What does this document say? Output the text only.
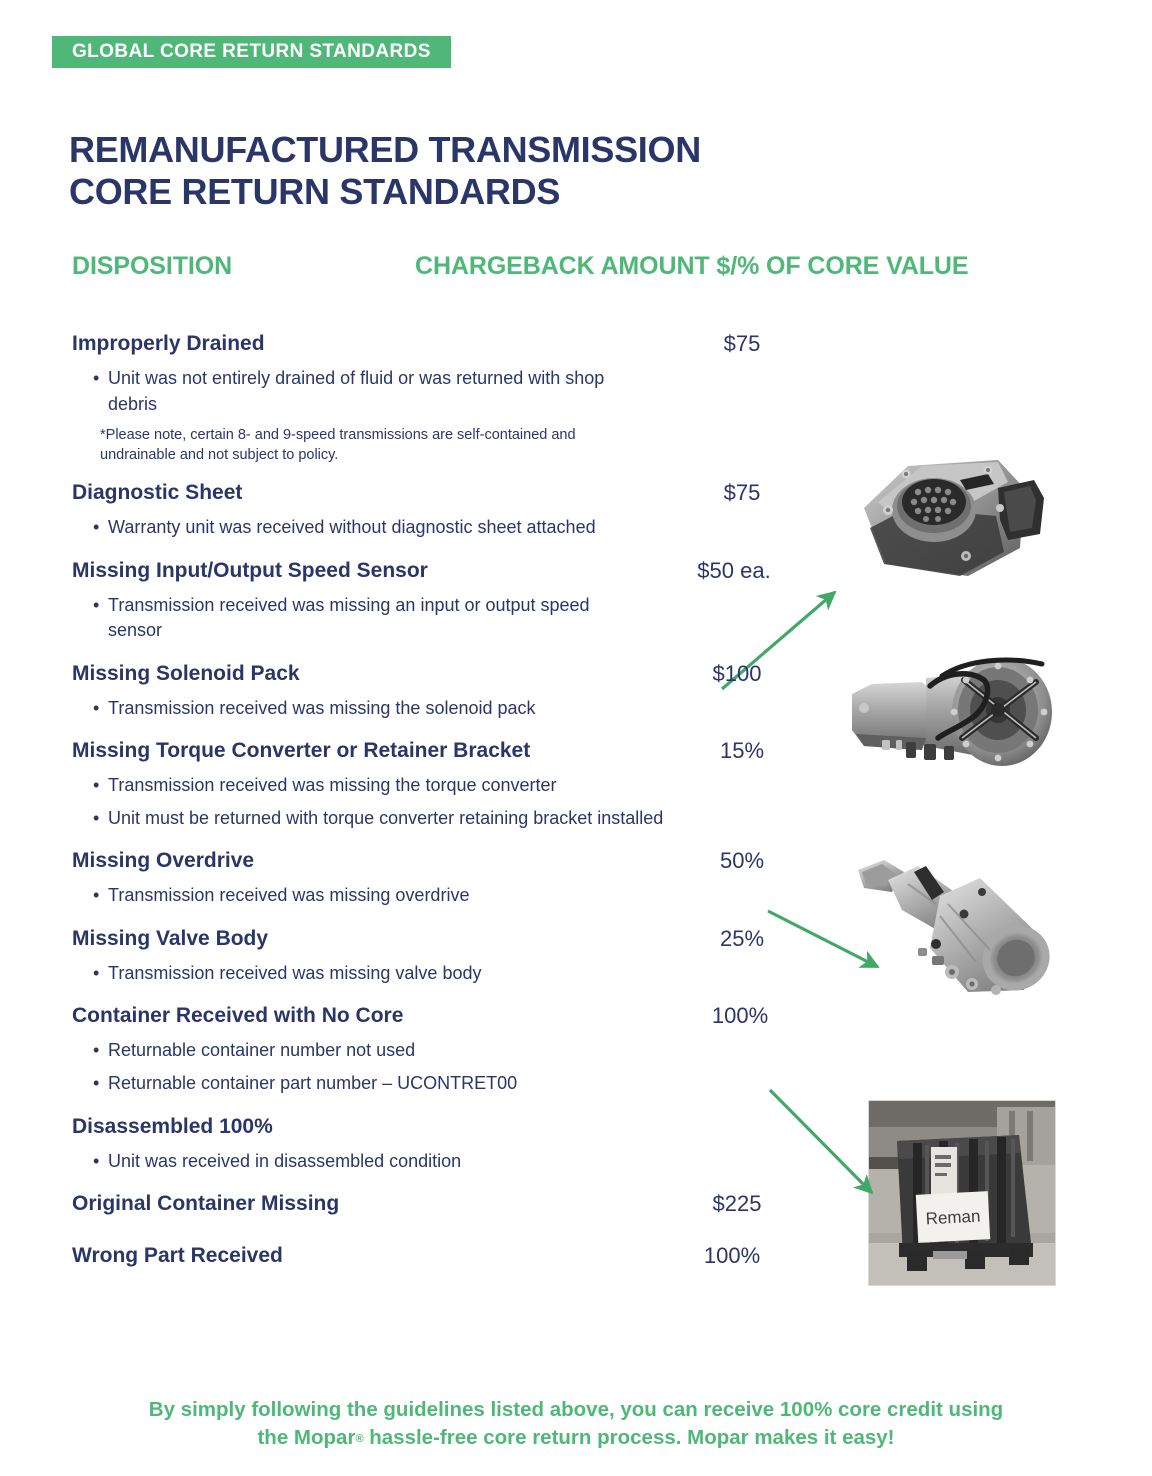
GLOBAL CORE RETURN STANDARDS
REMANUFACTURED TRANSMISSION
CORE RETURN STANDARDS
DISPOSITION	CHARGEBACK AMOUNT $/% OF CORE VALUE
Reman
Improperly Drained	$75
• Unit was not entirely drained of fluid or was returned with shop debris

*Please note, certain 8- and 9-speed transmissions are self-contained and undrainable and not subject to policy.

Diagnostic Sheet	$75
• Warranty unit was received without diagnostic sheet attached
Missing Input/Output Speed Sensor	$50 ea.
• Transmission received was missing an input or output speed sensor
Missing Solenoid Pack	$100
• Transmission received was missing the solenoid pack
Missing Torque Converter or Retainer Bracket	15%
• Transmission received was missing the torque converter
• Unit must be returned with torque converter retaining bracket installed
Missing Overdrive	50%
• Transmission received was missing overdrive
Missing Valve Body	25%
• Transmission received was missing valve body
Container Received with No Core	100%
• Returnable container number not used
• Returnable container part number – UCONTRET00
Disassembled 100%
• Unit was received in disassembled condition
Original Container Missing	$225
Wrong Part Received	100%
By simply following the guidelines listed above, you can receive 100% core credit using
the Mopar® hassle-free core return process. Mopar makes it easy!
